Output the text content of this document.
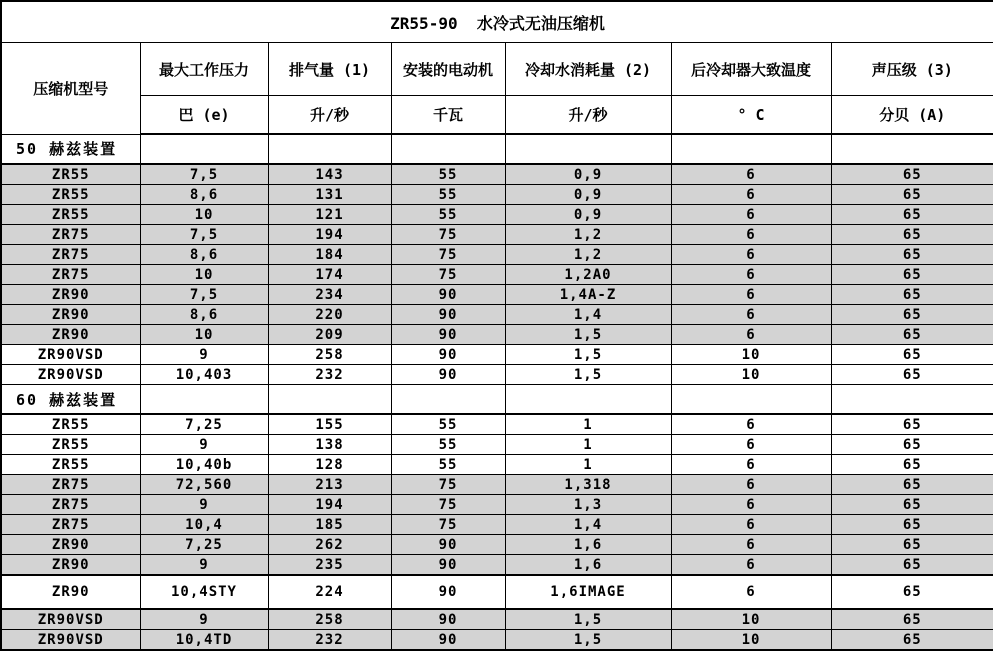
ZR55-90  水冷式无油压缩机						
压缩机型号	最大工作压力	排气量 (1)	安装的电动机	冷却水消耗量 (2)	后冷却器大致温度	声压级 (3)
	巴 (e)	升/秒	千瓦	升/秒	° C	分贝 (A)
50 赫兹装置						
ZR55	7,5	143	55	0,9	6	65
ZR55	8,6	131	55	0,9	6	65
ZR55	10	121	55	0,9	6	65
ZR75	7,5	194	75	1,2	6	65
ZR75	8,6	184	75	1,2	6	65
ZR75	10	174	75	1,2A0	6	65
ZR90	7,5	234	90	1,4A-Z	6	65
ZR90	8,6	220	90	1,4	6	65
ZR90	10	209	90	1,5	6	65
ZR90VSD	9	258	90	1,5	10	65
ZR90VSD	10,403	232	90	1,5	10	65
60 赫兹装置						
ZR55	7,25	155	55	1	6	65
ZR55	9	138	55	1	6	65
ZR55	10,40b	128	55	1	6	65
ZR75	72,560	213	75	1,318	6	65
ZR75	9	194	75	1,3	6	65
ZR75	10,4	185	75	1,4	6	65
ZR90	7,25	262	90	1,6	6	65
ZR90	9	235	90	1,6	6	65
ZR90	10,4STY	224	90	1,6IMAGE	6	65
ZR90VSD	9	258	90	1,5	10	65
ZR90VSD	10,4TD	232	90	1,5	10	65
